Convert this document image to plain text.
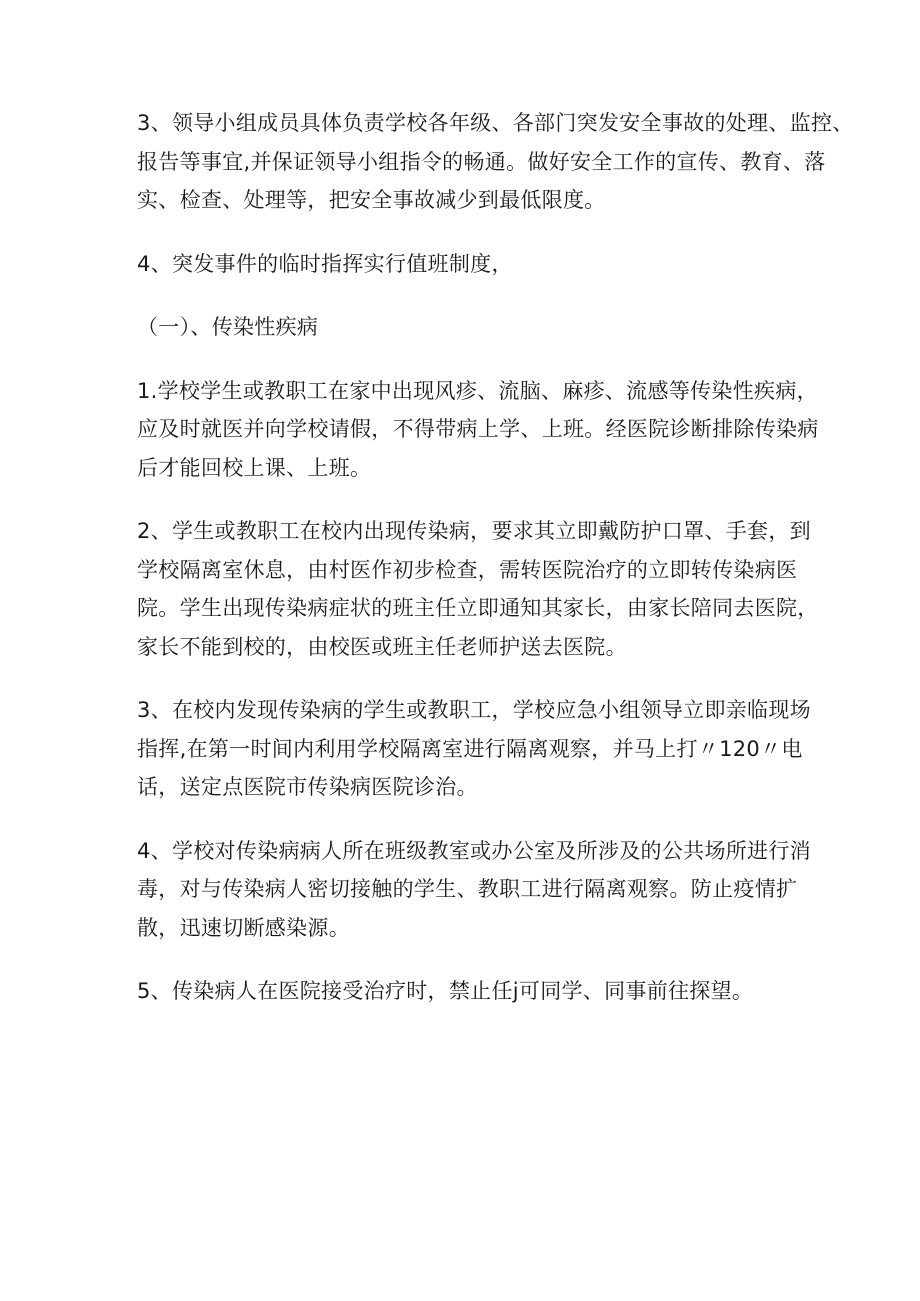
3、领导小组成员具体负责学校各年级、各部门突发安全事故的处理、监控、
报告等事宜,并保证领导小组指令的畅通。做好安全工作的宣传、教育、落
实、检查、处理等，把安全事故减少到最低限度。
4、突发事件的临时指挥实行值班制度，
（一）、传染性疾病
1.学校学生或教职工在家中出现风疹、流脑、麻疹、流感等传染性疾病，
应及时就医并向学校请假，不得带病上学、上班。经医院诊断排除传染病
后才能回校上课、上班。
2、学生或教职工在校内出现传染病，要求其立即戴防护口罩、手套，到
学校隔离室休息，由村医作初步检查，需转医院治疗的立即转传染病医
院。学生出现传染病症状的班主任立即通知其家长，由家长陪同去医院，
家长不能到校的，由校医或班主任老师护送去医院。
3、在校内发现传染病的学生或教职工，学校应急小组领导立即亲临现场
指挥,在第一时间内利用学校隔离室进行隔离观察，并马上打〃120〃电
话，送定点医院市传染病医院诊治。
4、学校对传染病病人所在班级教室或办公室及所涉及的公共场所进行消
毒，对与传染病人密切接触的学生、教职工进行隔离观察。防止疫情扩
散，迅速切断感染源。
5、传染病人在医院接受治疗时，禁止任j可同学、同事前往探望。
